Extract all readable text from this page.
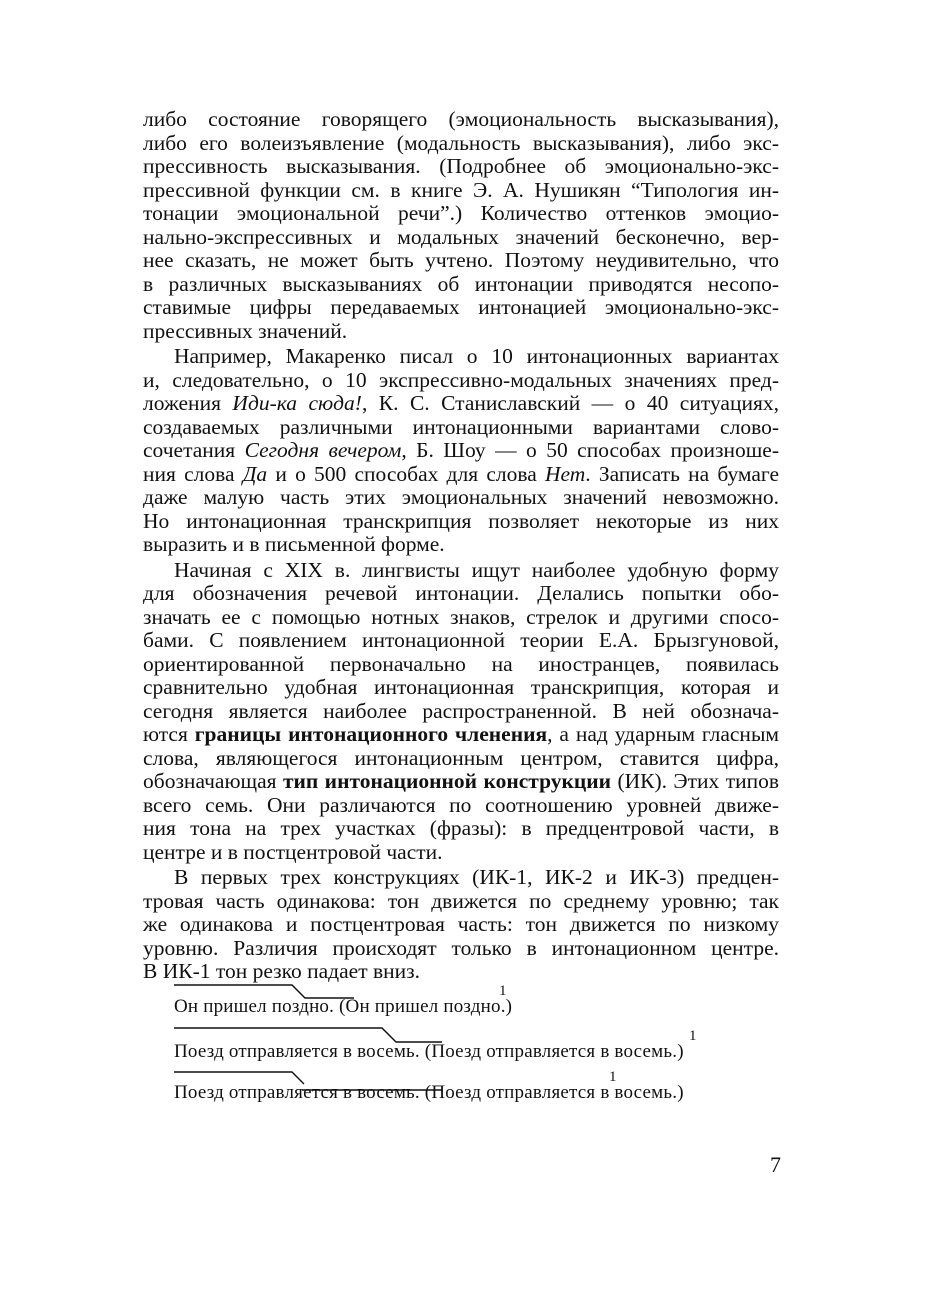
либо состояние говорящего (эмоциональность высказывания),
либо его волеизъявление (модальность высказывания), либо экс-
прессивность высказывания. (Подробнее об эмоционально-экс-
прессивной функции см. в книге Э. А. Нушикян “Типология ин-
тонации эмоциональной речи”.) Количество оттенков эмоцио-
нально-экспрессивных и модальных значений бесконечно, вер-
нее сказать, не может быть учтено. Поэтому неудивительно, что
в различных высказываниях об интонации приводятся несопо-
ставимые цифры передаваемых интонацией эмоционально-экс-
прессивных значений.
Например, Макаренко писал о 10 интонационных вариантах
и, следовательно, о 10 экспрессивно-модальных значениях пред-
ложения Иди-ка сюда!, К. С. Станиславский — о 40 ситуациях,
создаваемых различными интонационными вариантами слово-
сочетания Сегодня вечером, Б. Шоу — о 50 способах произноше-
ния слова Да и о 500 способах для слова Нет. Записать на бумаге
даже малую часть этих эмоциональных значений невозможно.
Но интонационная транскрипция позволяет некоторые из них
выразить и в письменной форме.
Начиная с XIX в. лингвисты ищут наиболее удобную форму
для обозначения речевой интонации. Делались попытки обо-
значать ее с помощью нотных знаков, стрелок и другими спосо-
бами. С появлением интонационной теории Е.А. Брызгуновой,
ориентированной первоначально на иностранцев, появилась
сравнительно удобная интонационная транскрипция, которая и
сегодня является наиболее распространенной. В ней обознача-
ются границы интонационного членения, а над ударным гласным
слова, являющегося интонационным центром, ставится цифра,
обозначающая тип интонационной конструкции (ИК). Этих типов
всего семь. Они различаются по соотношению уровней движе-
ния тона на трех участках (фразы): в предцентровой части, в
центре и в постцентровой части.
В первых трех конструкциях (ИК-1, ИК-2 и ИК-3) предцен-
тровая часть одинакова: тон движется по среднему уровню; так
же одинакова и постцентровая часть: тон движется по низкому
уровню. Различия происходят только в интонационном центре.
В ИК-1 тон резко падает вниз.
Он пришел поздно. (Он пришел поздно.)
1
Поезд отправляется в восемь. (Поезд отправляется в восемь.)
1
Поезд отправляется в восемь. (Поезд отправляется в восемь.)
1
7
